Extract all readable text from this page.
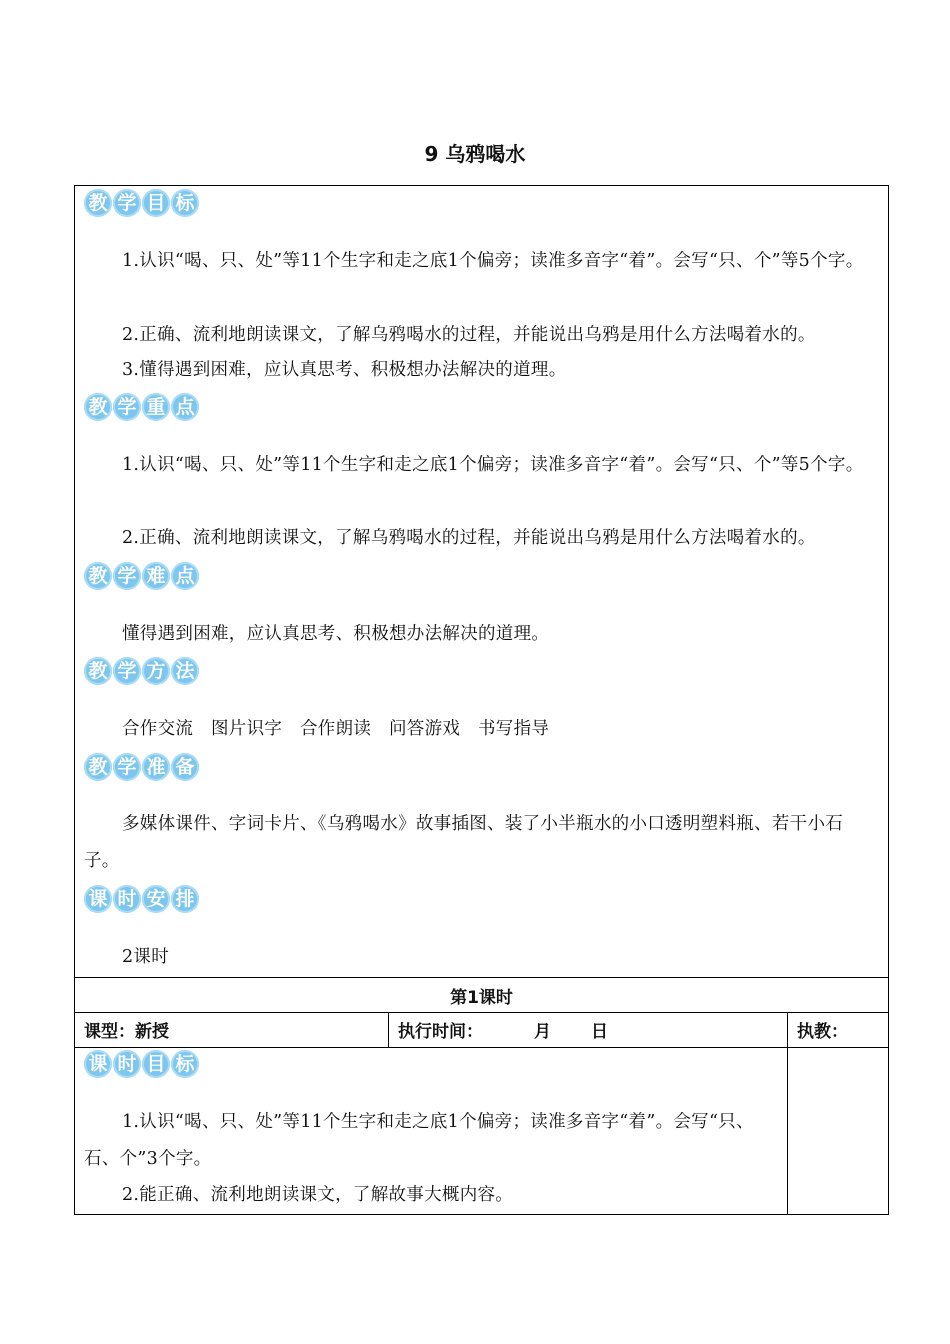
9 乌鸦喝水
教 学 目 标
1.认识“喝、只、处”等11个生字和走之底1个偏旁；读准多音字“着”。会写“只、个”等5个字。
2.正确、流利地朗读课文，了解乌鸦喝水的过程，并能说出乌鸦是用什么方法喝着水的。
3.懂得遇到困难，应认真思考、积极想办法解决的道理。
教 学 重 点
1.认识“喝、只、处”等11个生字和走之底1个偏旁；读准多音字“着”。会写“只、个”等5个字。
2.正确、流利地朗读课文，了解乌鸦喝水的过程，并能说出乌鸦是用什么方法喝着水的。
教 学 难 点
懂得遇到困难，应认真思考、积极想办法解决的道理。
教 学 方 法
合作交流　图片识字　合作朗读　问答游戏　书写指导
教 学 准 备
多媒体课件、字词卡片、《乌鸦喝水》故事插图、装了小半瓶水的小口透明塑料瓶、若干小石子。
课 时 安 排
2课时
第1课时
课型：新授	执行时间：	月 日	执教：
课 时 目 标
1.认识“喝、只、处”等11个生字和走之底1个偏旁；读准多音字“着”。会写“只、石、个”3个字。
2.能正确、流利地朗读课文，了解故事大概内容。
